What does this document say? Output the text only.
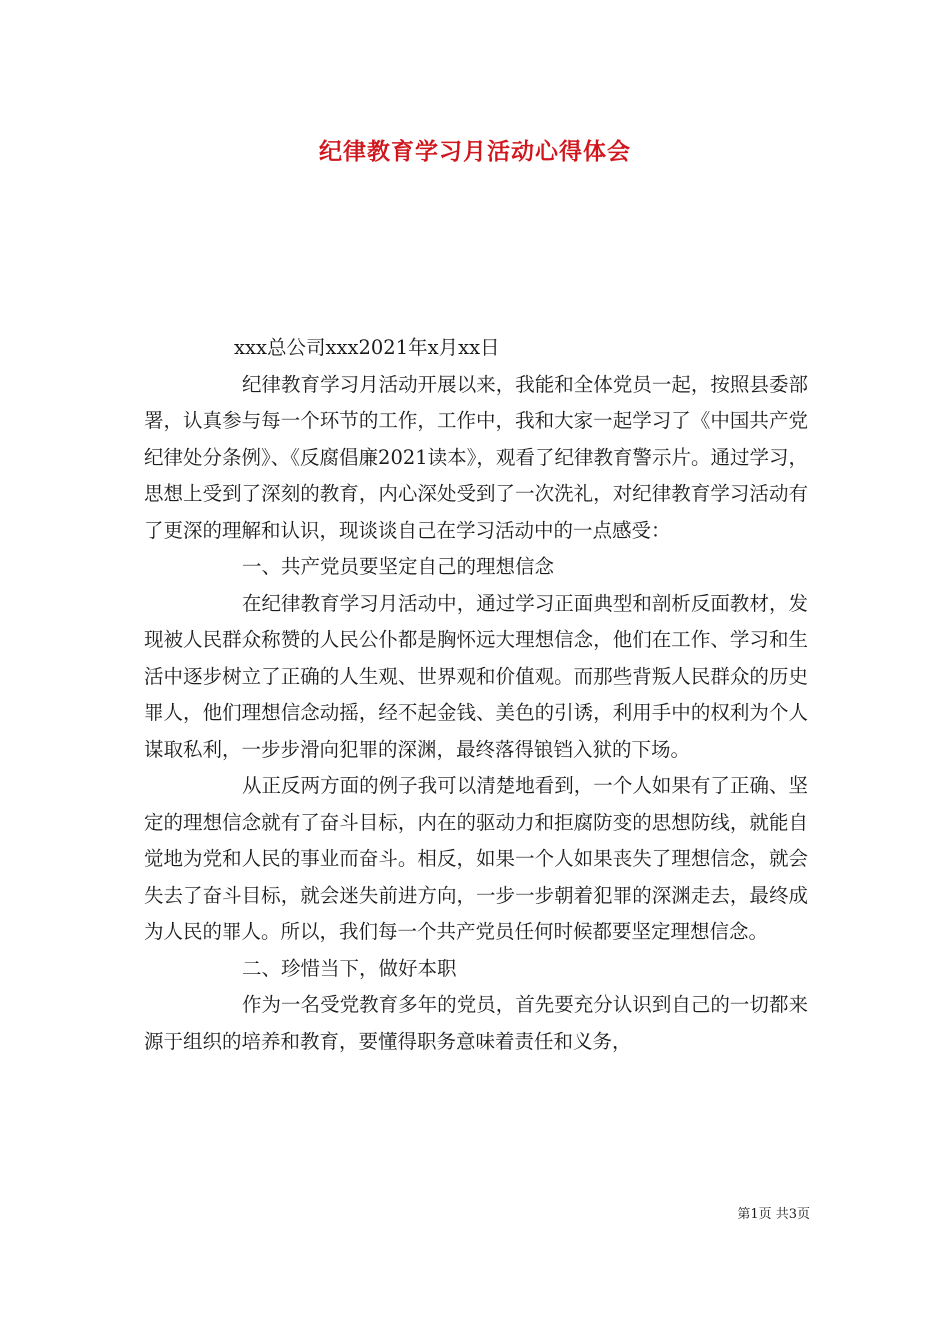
纪律教育学习月活动心得体会

xxx总公司xxx2021年x月xx日

纪律教育学习月活动开展以来，我能和全体党员一起，按照县委部署，认真参与每一个环节的工作，工作中，我和大家一起学习了《中国共产党纪律处分条例》、《反腐倡廉2021读本》，观看了纪律教育警示片。通过学习，思想上受到了深刻的教育，内心深处受到了一次洗礼，对纪律教育学习活动有了更深的理解和认识，现谈谈自己在学习活动中的一点感受：

一、共产党员要坚定自己的理想信念

在纪律教育学习月活动中，通过学习正面典型和剖析反面教材，发现被人民群众称赞的人民公仆都是胸怀远大理想信念，他们在工作、学习和生活中逐步树立了正确的人生观、世界观和价值观。而那些背叛人民群众的历史罪人，他们理想信念动摇，经不起金钱、美色的引诱，利用手中的权利为个人谋取私利，一步步滑向犯罪的深渊，最终落得锒铛入狱的下场。

从正反两方面的例子我可以清楚地看到，一个人如果有了正确、坚定的理想信念就有了奋斗目标，内在的驱动力和拒腐防变的思想防线，就能自觉地为党和人民的事业而奋斗。相反，如果一个人如果丧失了理想信念，就会失去了奋斗目标，就会迷失前进方向，一步一步朝着犯罪的深渊走去，最终成为人民的罪人。所以，我们每一个共产党员任何时候都要坚定理想信念。

二、珍惜当下，做好本职

作为一名受党教育多年的党员，首先要充分认识到自己的一切都来源于组织的培养和教育，要懂得职务意味着责任和义务，

第1页 共3页
